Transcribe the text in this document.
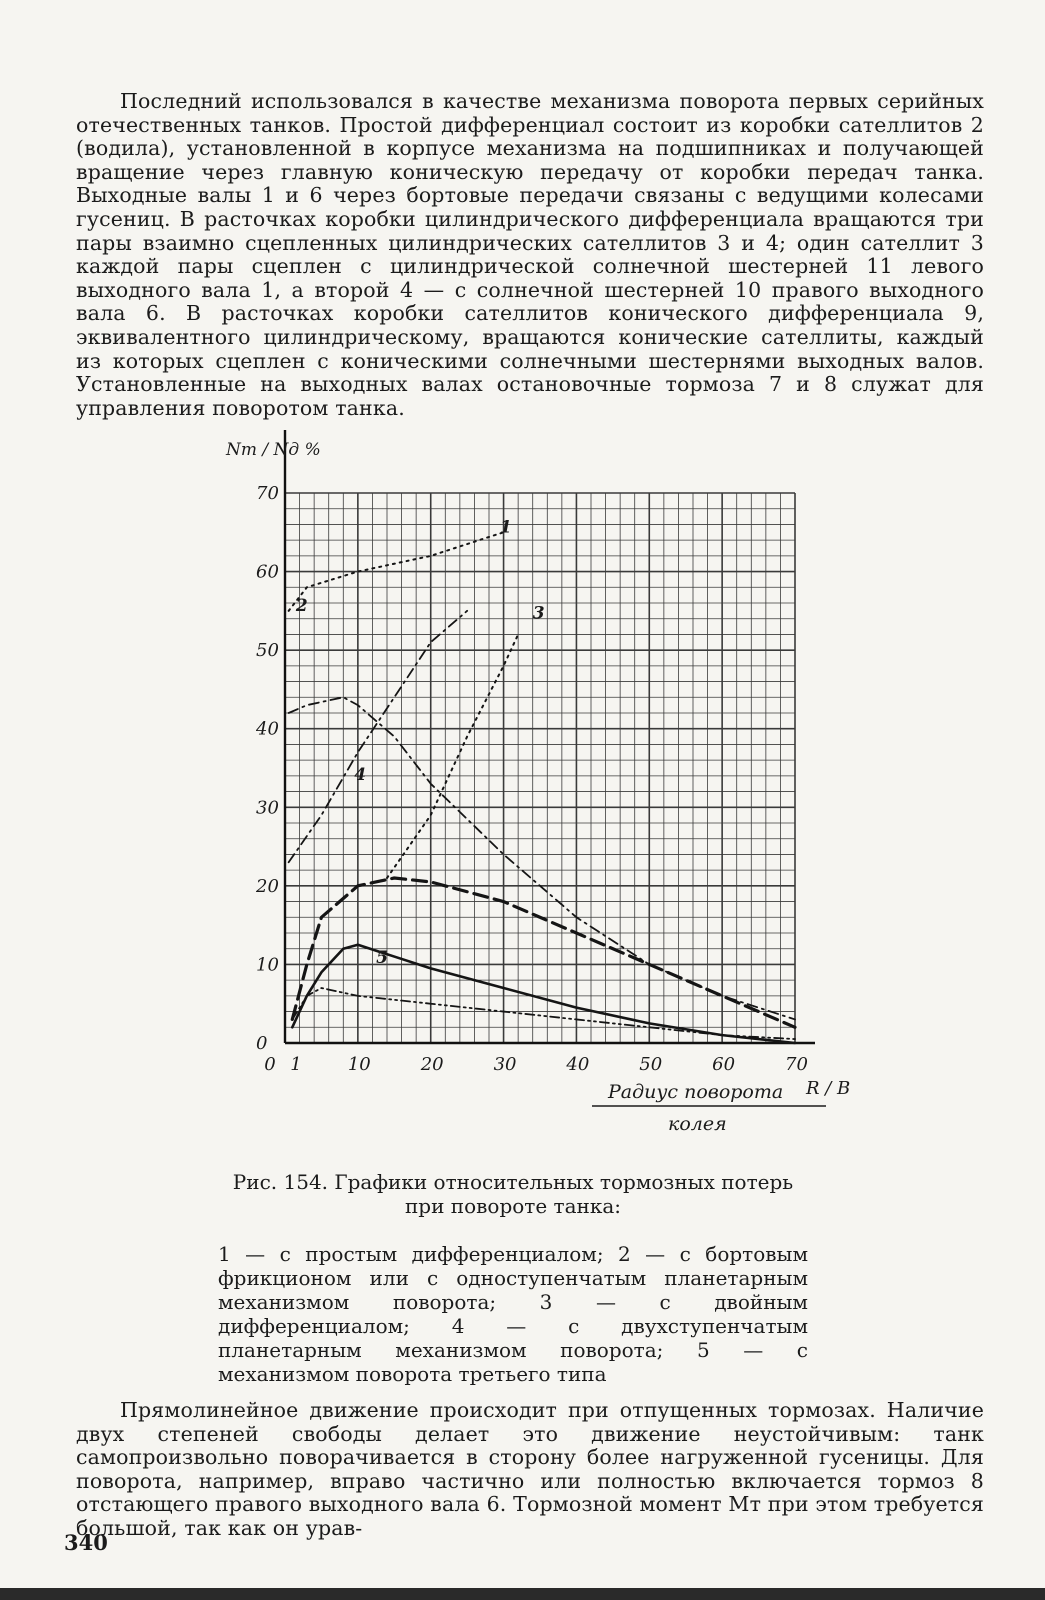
Последний использовался в качестве механизма поворота первых серийных отечественных танков. Простой дифференциал состоит из коробки сателлитов 2 (водила), установленной в корпусе механизма на подшипниках и получающей вращение через главную коническую передачу от коробки передач танка. Выходные валы 1 и 6 через бортовые передачи связаны с ведущими колесами гусениц. В расточках коробки цилиндрического дифференциала вращаются три пары взаимно сцепленных цилиндрических сателлитов 3 и 4; один сателлит 3 каждой пары сцеплен с цилиндрической солнечной шестерней 11 левого выходного вала 1, а второй 4 — с солнечной шестерней 10 правого выходного вала 6. В расточках коробки сателлитов конического дифференциала 9, эквивалентного цилиндрическому, вращаются конические сателлиты, каждый из которых сцеплен с коническими солнечными шестернями выходных валов. Установленные на выходных валах остановочные тормоза 7 и 8 служат для управления поворотом танка.
0
10
20
30
40
50
60
70
0 1	10	20	30	40	50	60	70
1
2	3
4
5
Nт / Nд %
Радиус поворота
колея
R / B
Рис. 154. Графики относительных тормозных потерь при повороте танка:
1 — с простым дифференциалом; 2 — с бортовым фрикционом или с одноступенчатым планетарным механизмом поворота; 3 — с двойным дифференциалом; 4 — с двухступенчатым планетарным механизмом поворота; 5 — с механизмом поворота третьего типа
Прямолинейное движение происходит при отпущенных тормозах. Наличие двух степеней свободы делает это движение неустойчивым: танк самопроизвольно поворачивается в сторону более нагруженной гусеницы. Для поворота, например, вправо частично или полностью включается тормоз 8 отстающего правого выходного вала 6. Тормозной момент Мт при этом требуется большой, так как он урав-
340
